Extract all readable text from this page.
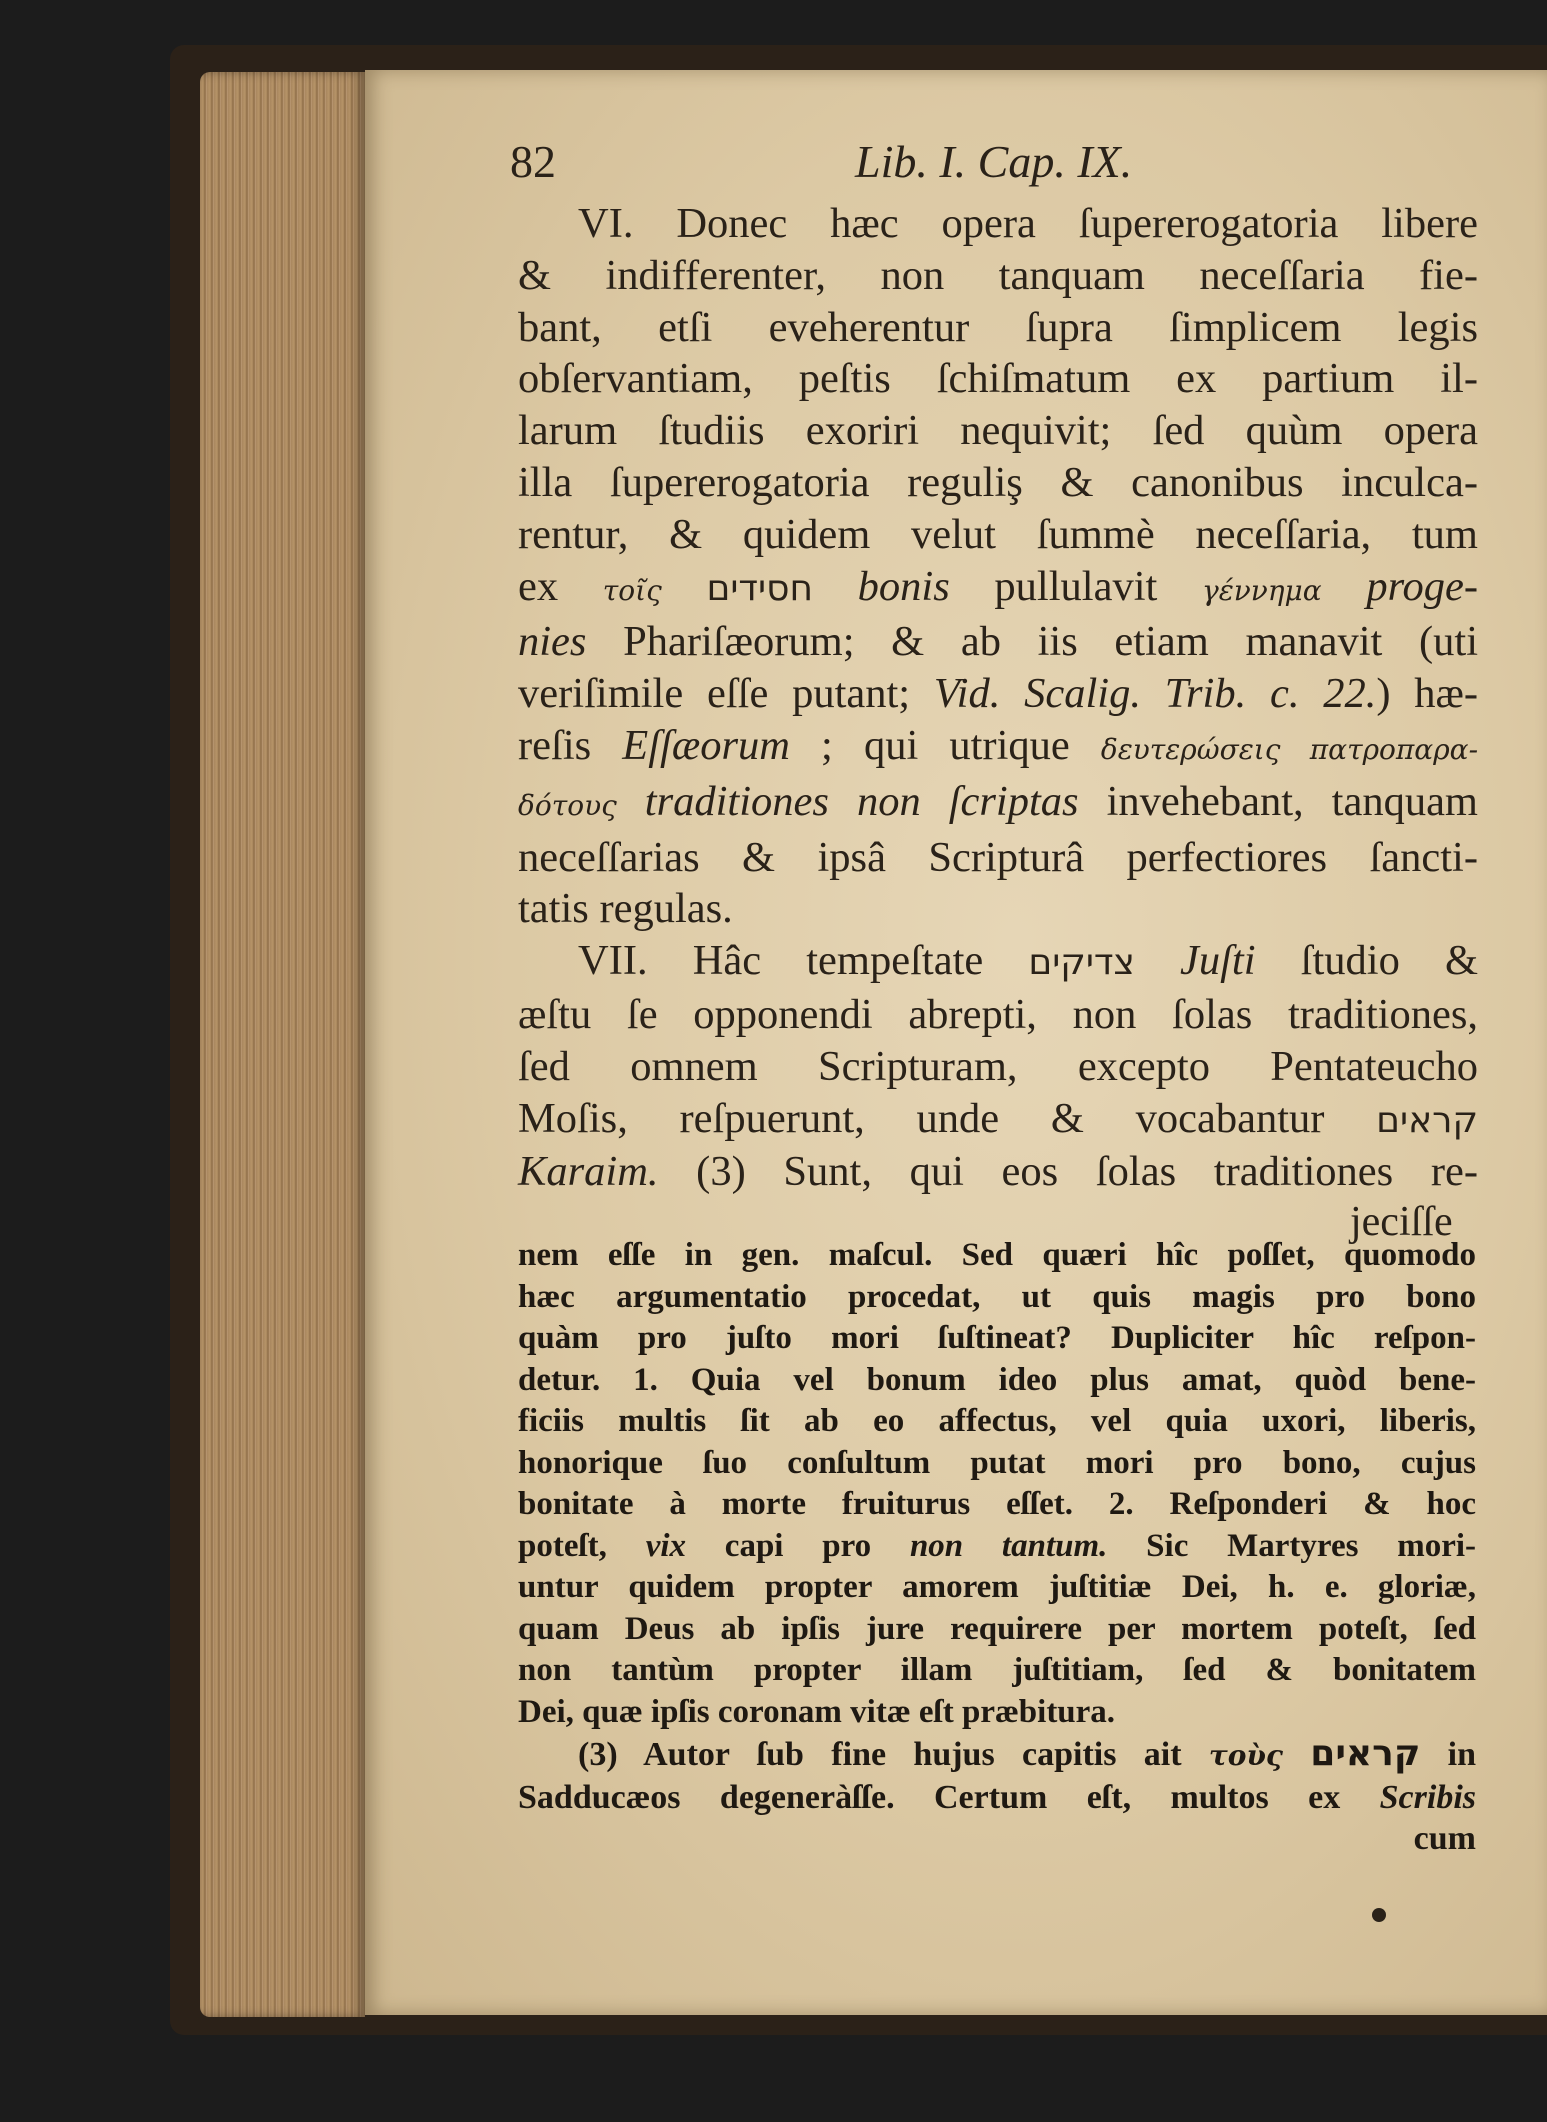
82	Lib. I. Cap. IX.
VI. Donec hæc opera ſupererogatoria libere
& indifferenter, non tanquam neceſſaria fie-
bant, etſi eveherentur ſupra ſimplicem legis
obſervantiam, peſtis ſchiſmatum ex partium il-
larum ſtudiis exoriri nequivit; ſed quùm opera
illa ſupererogatoria reguliş & canonibus inculca-
rentur, & quidem velut ſummè neceſſaria, tum
ex τοῖς חסידים bonis pullulavit γέννημα proge-
nies Phariſæorum; & ab iis etiam manavit (uti
veriſimile eſſe putant; Vid. Scalig. Trib. c. 22.) hæ-
reſis Eſſæorum ; qui utrique δευτερώσεις πατροπαρα-
δότους traditiones non ſcriptas invehebant, tanquam
neceſſarias & ipsâ Scripturâ perfectiores ſancti-
tatis regulas.
VII. Hâc tempeſtate צדיקים Juſti ſtudio &
æſtu ſe opponendi abrepti, non ſolas traditiones,
ſed omnem Scripturam, excepto Pentateucho
Moſis, reſpuerunt, unde & vocabantur קראים
Karaim. (3) Sunt, qui eos ſolas traditiones re-
jeciſſe
nem eſſe in gen. maſcul. Sed quæri hîc poſſet, quomodo
hæc argumentatio procedat, ut quis magis pro bono
quàm pro juſto mori ſuſtineat? Dupliciter hîc reſpon-
detur. 1. Quia vel bonum ideo plus amat, quòd bene-
ficiis multis ſit ab eo affectus, vel quia uxori, liberis,
honorique ſuo conſultum putat mori pro bono, cujus
bonitate à morte fruiturus eſſet. 2. Reſponderi & hoc
poteſt, vix capi pro non tantum. Sic Martyres mori-
untur quidem propter amorem juſtitiæ Dei, h. e. gloriæ,
quam Deus ab ipſis jure requirere per mortem poteſt, ſed
non tantùm propter illam juſtitiam, ſed & bonitatem
Dei, quæ ipſis coronam vitæ eſt præbitura.
(3) Autor ſub fine hujus capitis ait τοὺς קראים in
Sadducæos degeneràſſe. Certum eſt, multos ex Scribis
cum
